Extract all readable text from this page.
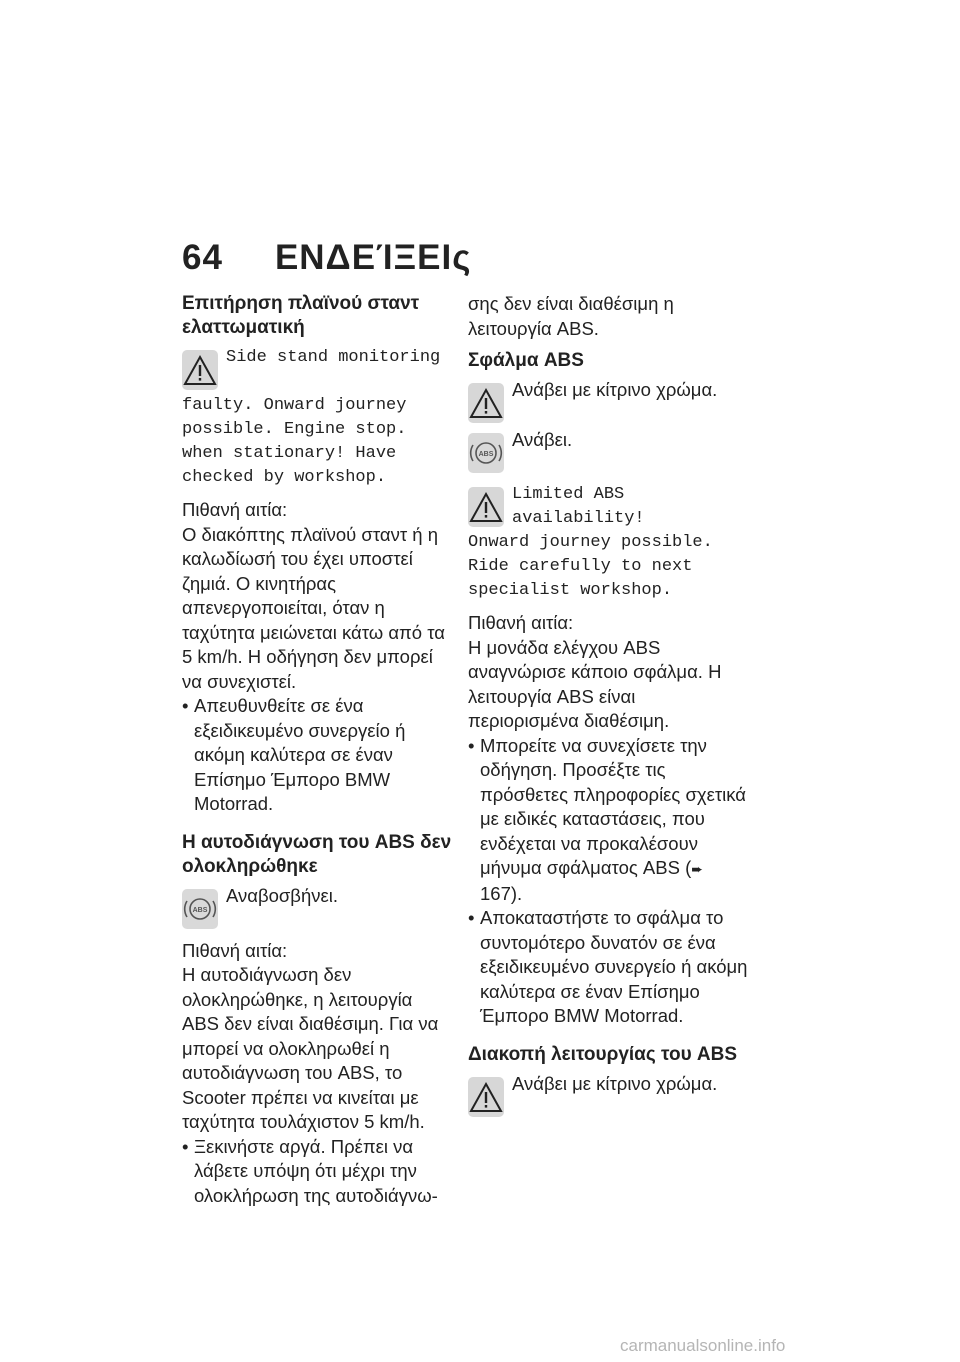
64 ΕΝΔΕΊΞΕΙς
Επιτήρηση πλαϊνού σταντ ελαττωματική
Side stand monitoring
faulty. Onward journey possible. Engine stop. when stationary! Have checked by workshop.

Πιθανή αιτία:

Ο διακόπτης πλαϊνού σταντ ή η καλωδίωσή του έχει υποστεί ζημιά. Ο κινητήρας απενεργοποιείται, όταν η ταχύτητα μειώνεται κάτω από τα 5 km/h. Η οδήγηση δεν μπορεί να συνεχιστεί.

• Απευθυνθείτε σε ένα εξειδικευμένο συνεργείο ή ακόμη καλύτερα σε έναν Επίσημο Έμπορο BMW Motorrad.
Η αυτοδιάγνωση του ABS δεν ολοκληρώθηκε
ABS
Αναβοσβήνει.

Πιθανή αιτία:

Η αυτοδιάγνωση δεν ολοκληρώθηκε, η λειτουργία ABS δεν είναι διαθέσιμη. Για να μπορεί να ολοκληρωθεί η αυτοδιάγνωση του ABS, το Scooter πρέπει να κινείται με ταχύτητα τουλάχιστον 5 km/h.

• Ξεκινήστε αργά. Πρέπει να λάβετε υπόψη ότι μέχρι την ολοκλήρωση της αυτοδιάγνω-

σης δεν είναι διαθέσιμη η λειτουργία ABS.

Σφάλμα ABS
Ανάβει με κίτρινο χρώμα.
ABS
Ανάβει.
Limited ABS availability!
Onward journey possible. Ride carefully to next specialist workshop.

Πιθανή αιτία:

Η μονάδα ελέγχου ABS αναγνώρισε κάποιο σφάλμα. Η λειτουργία ABS είναι περιορισμένα διαθέσιμη.

• Μπορείτε να συνεχίσετε την οδήγηση. Προσέξτε τις πρόσθετες πληροφορίες σχετικά με ειδικές καταστάσεις, που ενδέχεται να προκαλέσουν μήνυμα σφάλματος ABS (➨ 167).
• Αποκαταστήστε το σφάλμα το συντομότερο δυνατόν σε ένα εξειδικευμένο συνεργείο ή ακόμη καλύτερα σε έναν Επίσημο Έμπορο BMW Motorrad.
Διακοπή λειτουργίας του ABS
Ανάβει με κίτρινο χρώμα.
carmanualsonline.info
